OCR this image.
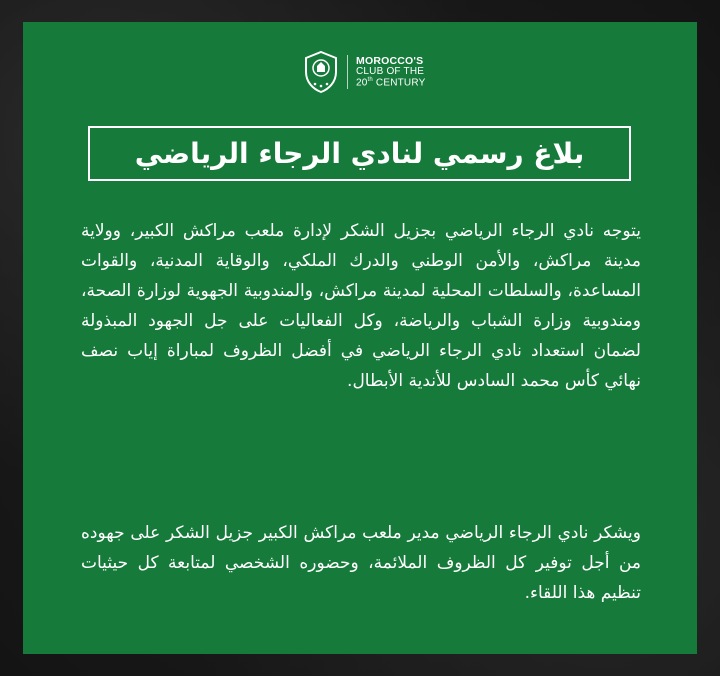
MOROCCO'S
CLUB OF THE
20th CENTURY
بلاغ رسمي لنادي الرجاء الرياضي

يتوجه نادي الرجاء الرياضي بجزيل الشكر لإدارة ملعب مراكش الكبير، وولاية مدينة مراكش، والأمن الوطني والدرك الملكي، والوقاية المدنية، والقوات المساعدة، والسلطات المحلية لمدينة مراكش، والمندوبية الجهوية لوزارة الصحة، ومندوبية وزارة الشباب والرياضة، وكل الفعاليات على جل الجهود المبذولة لضمان استعداد نادي الرجاء الرياضي في أفضل الظروف لمباراة إياب نصف نهائي كأس محمد السادس للأندية الأبطال.

ويشكر نادي الرجاء الرياضي مدير ملعب مراكش الكبير جزيل الشكر على جهوده من أجل توفير كل الظروف الملائمة، وحضوره الشخصي لمتابعة كل حيثيات تنظيم هذا اللقاء.
